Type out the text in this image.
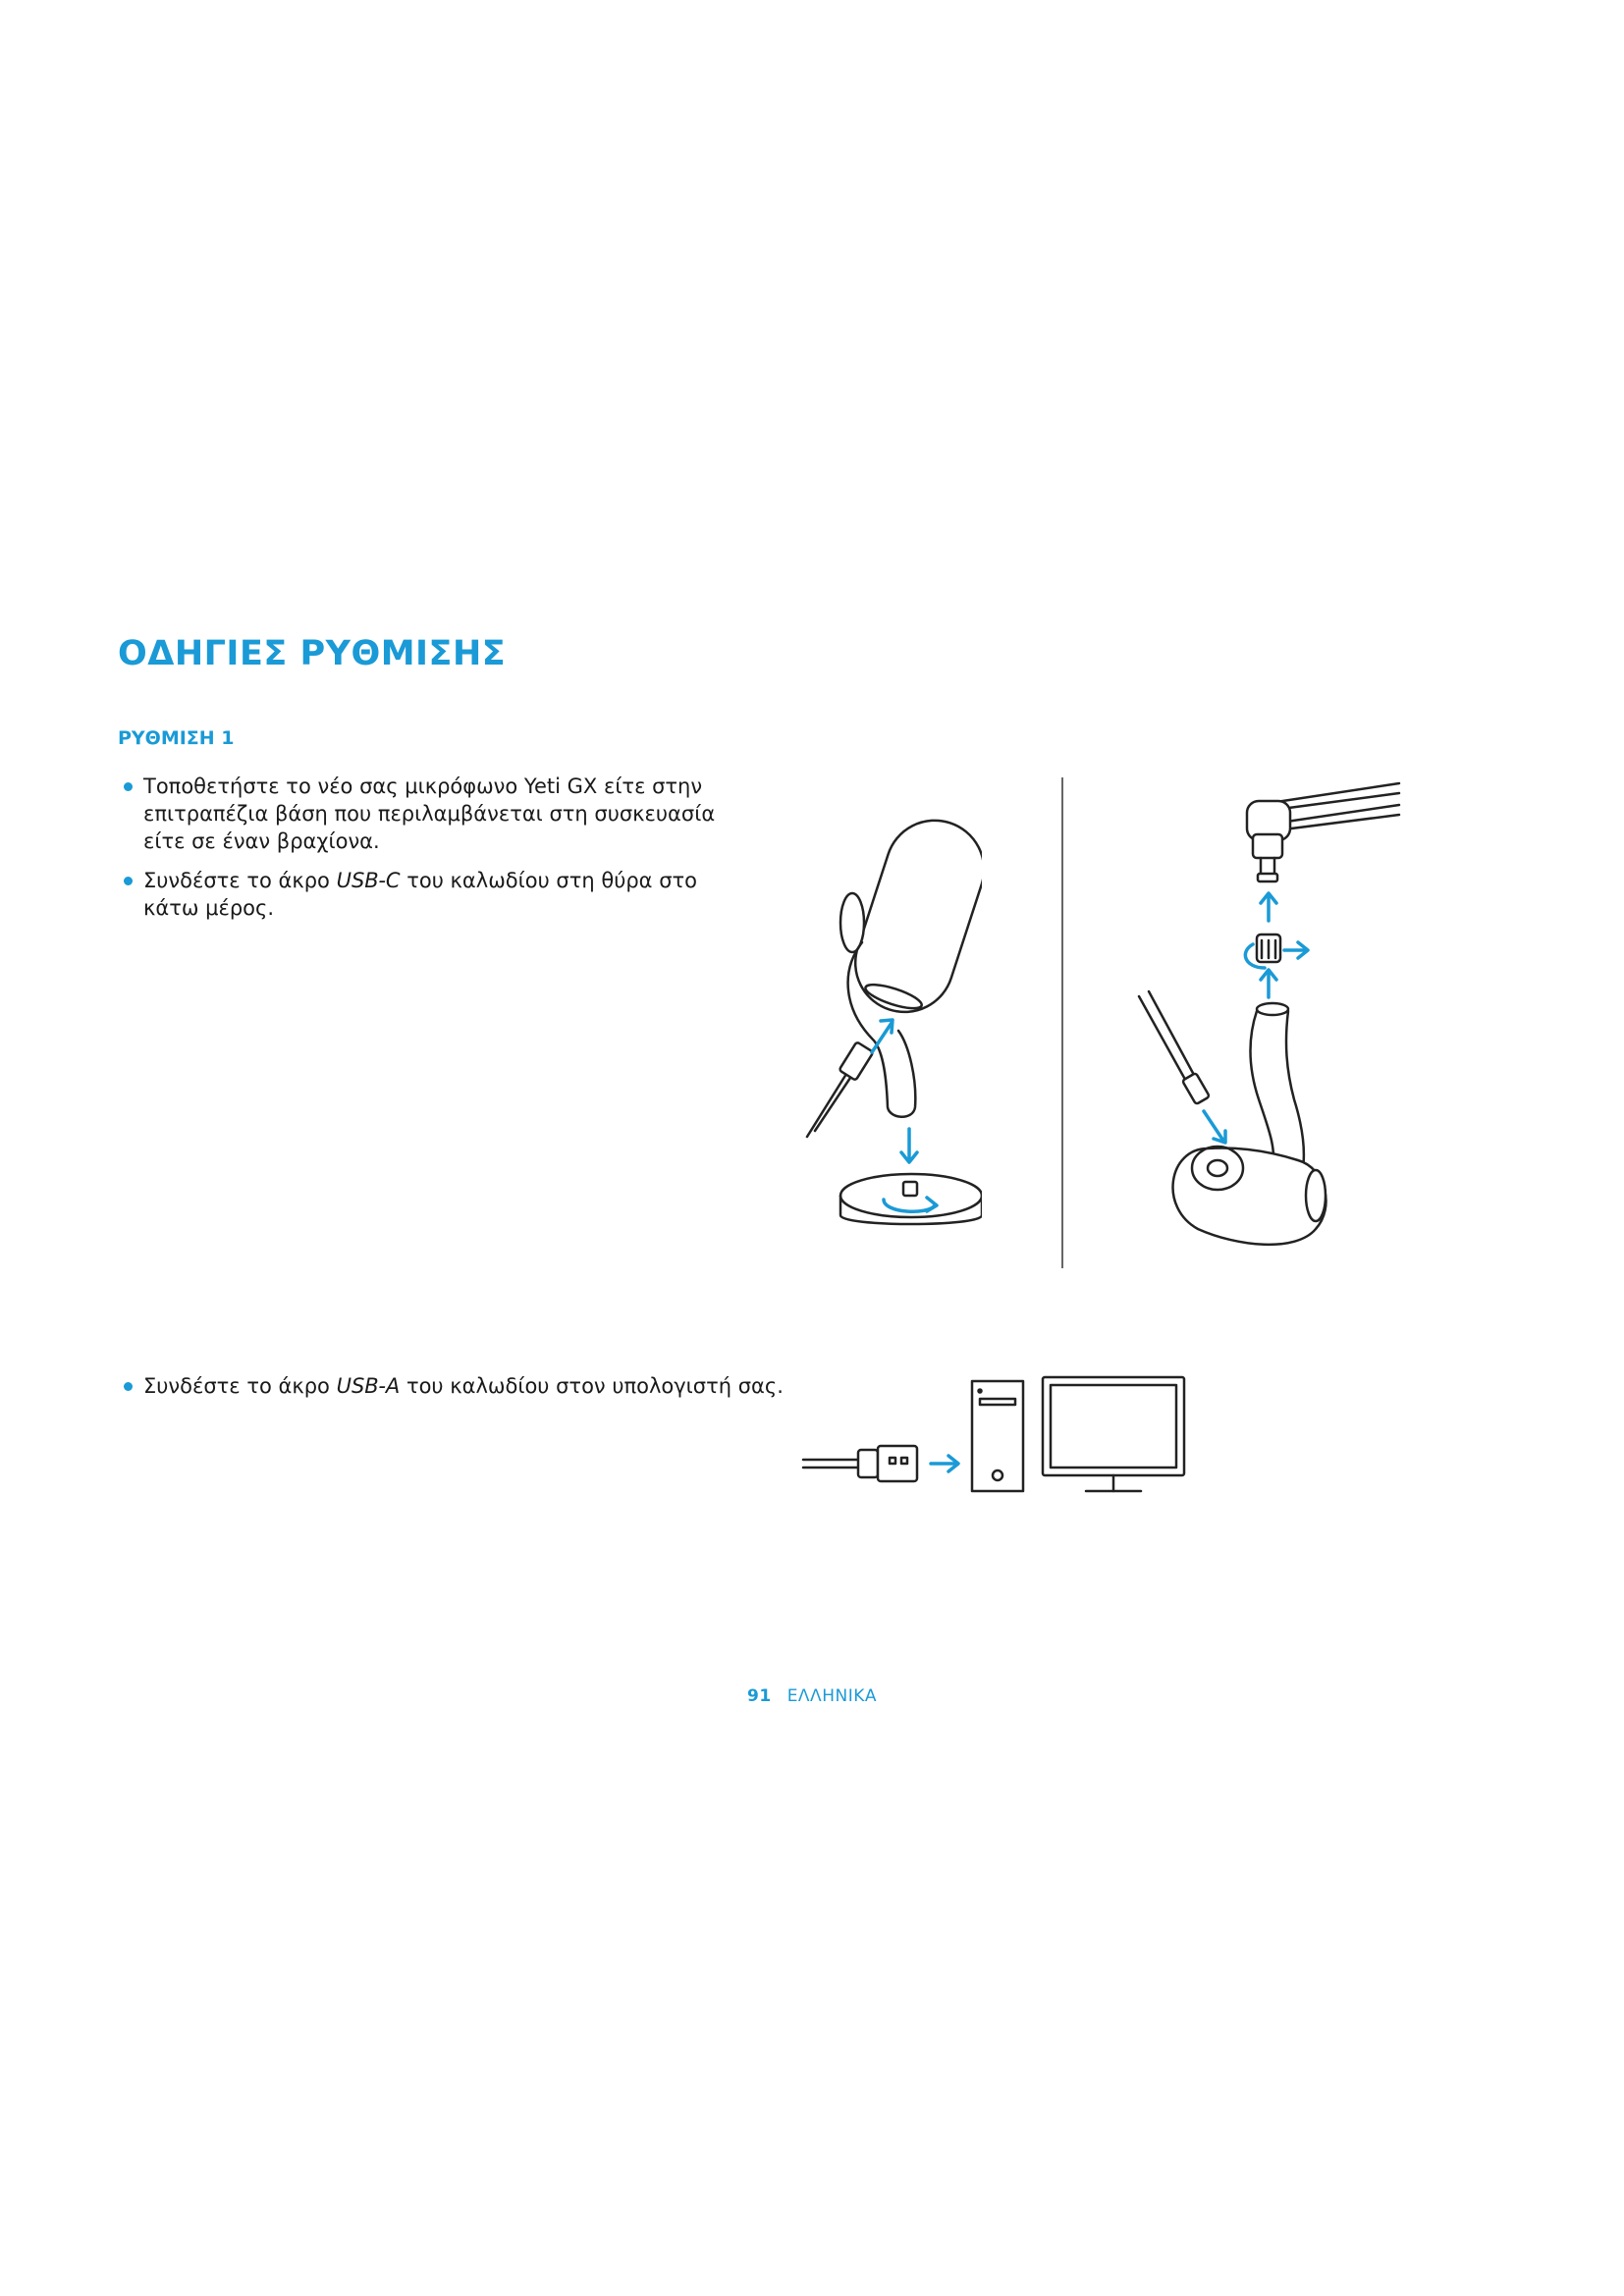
ΟΔΗΓΙΕΣ ΡΥΘΜΙΣΗΣ
ΡΥΘΜΙΣΗ 1
Τοποθετήστε το νέο σας μικρόφωνο Yeti GX είτε στην επιτραπέζια βάση που περιλαμβάνεται στη συσκευασία είτε σε έναν βραχίονα.
Συνδέστε το άκρο USB-C του καλωδίου στη θύρα στο κάτω μέρος.
Συνδέστε το άκρο USB-A του καλωδίου στον υπολογιστή σας.
91 ΕΛΛΗΝΙΚΑ
